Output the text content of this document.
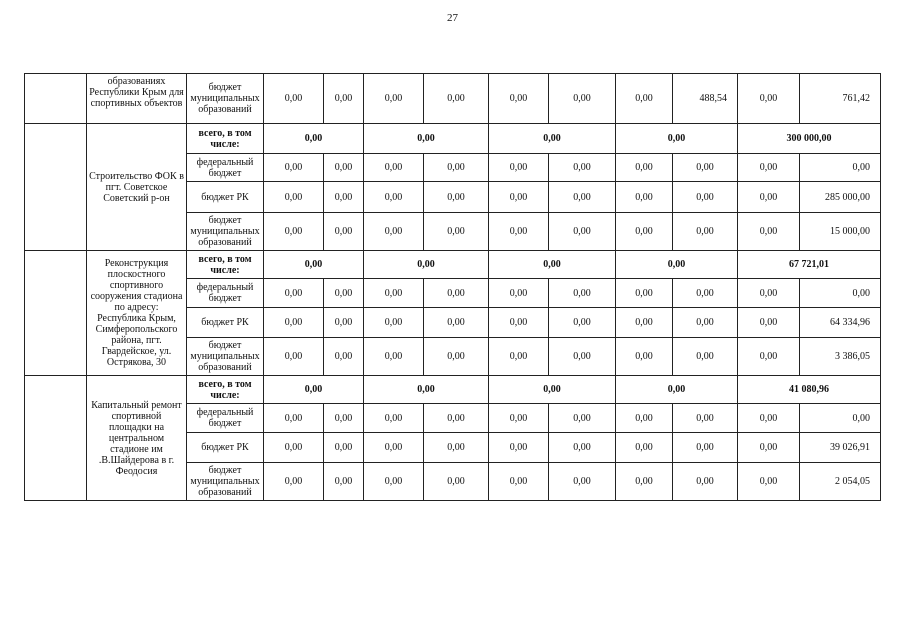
27
	образованиях Республики Крым для спортивных объектов	бюджет муниципальных образований	0,00	0,00	0,00	0,00	0,00	0,00	0,00	488,54	0,00	761,42
	Строительство ФОК в пгт. Советское Советский р-он	всего, в том числе:	0,00		0,00		0,00		0,00		300 000,00	
		федеральный бюджет	0,00	0,00	0,00	0,00	0,00	0,00	0,00	0,00	0,00	0,00
		бюджет РК	0,00	0,00	0,00	0,00	0,00	0,00	0,00	0,00	0,00	285 000,00
		бюджет муниципальных образований	0,00	0,00	0,00	0,00	0,00	0,00	0,00	0,00	0,00	15 000,00
	Реконструкция плоскостного спортивного сооружения стадиона по адресу: Республика Крым, Симферопольского района, пгт. Гвардейское, ул. Острякова, 30	всего, в том числе:	0,00		0,00		0,00		0,00		67 721,01	
		федеральный бюджет	0,00	0,00	0,00	0,00	0,00	0,00	0,00	0,00	0,00	0,00
		бюджет РК	0,00	0,00	0,00	0,00	0,00	0,00	0,00	0,00	0,00	64 334,96
		бюджет муниципальных образований	0,00	0,00	0,00	0,00	0,00	0,00	0,00	0,00	0,00	3 386,05
	Капитальный ремонт спортивной площадки на центральном стадионе им .В.Шайдерова в г. Феодосия	всего, в том числе:	0,00		0,00		0,00		0,00		41 080,96	
		федеральный бюджет	0,00	0,00	0,00	0,00	0,00	0,00	0,00	0,00	0,00	0,00
		бюджет РК	0,00	0,00	0,00	0,00	0,00	0,00	0,00	0,00	0,00	39 026,91
		бюджет муниципальных образований	0,00	0,00	0,00	0,00	0,00	0,00	0,00	0,00	0,00	2 054,05
